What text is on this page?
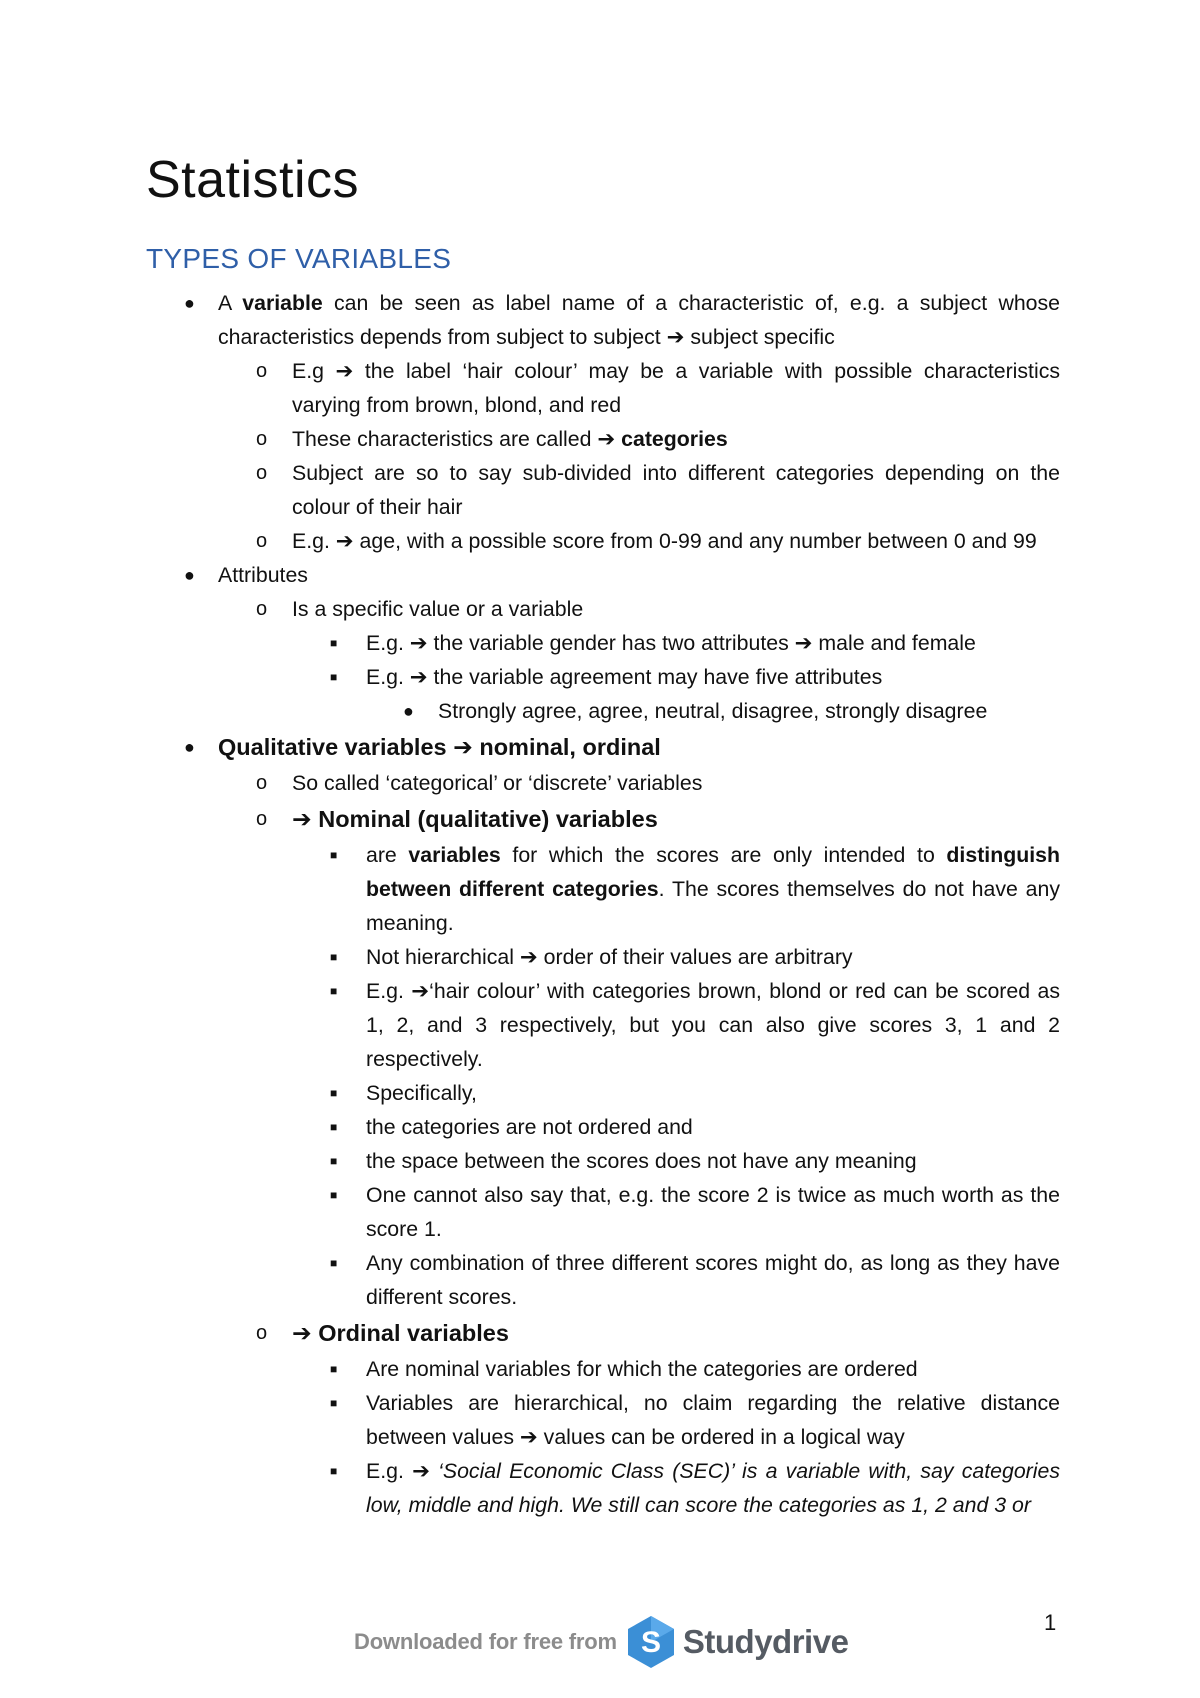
Statistics
TYPES OF VARIABLES
● A variable can be seen as label name of a characteristic of, e.g. a subject whose characteristics depends from subject to subject ➔ subject specific
o E.g ➔ the label ‘hair colour’ may be a variable with possible characteristics varying from brown, blond, and red
o These characteristics are called ➔ categories
o Subject are so to say sub-divided into different categories depending on the colour of their hair
o E.g. ➔ age, with a possible score from 0-99 and any number between 0 and 99
● Attributes
o Is a specific value or a variable
■ E.g. ➔ the variable gender has two attributes ➔ male and female
■ E.g. ➔ the variable agreement may have five attributes
● Strongly agree, agree, neutral, disagree, strongly disagree
● Qualitative variables ➔ nominal, ordinal
o So called ‘categorical’ or ‘discrete’ variables
o ➔ Nominal (qualitative) variables
■ are variables for which the scores are only intended to distinguish between different categories. The scores themselves do not have any meaning.
■ Not hierarchical ➔ order of their values are arbitrary
■ E.g. ➔‘hair colour’ with categories brown, blond or red can be scored as 1, 2, and 3 respectively, but you can also give scores 3, 1 and 2 respectively.
■ Specifically,
■ the categories are not ordered and
■ the space between the scores does not have any meaning
■ One cannot also say that, e.g. the score 2 is twice as much worth as the score 1.
■ Any combination of three different scores might do, as long as they have different scores.
o ➔ Ordinal variables
■ Are nominal variables for which the categories are ordered
■ Variables are hierarchical, no claim regarding the relative distance between values ➔ values can be ordered in a logical way
■ E.g. ➔ ‘Social Economic Class (SEC)’ is a variable with, say categories low, middle and high. We still can score the categories as 1, 2 and 3 or
Downloaded for free from S Studydrive
1
